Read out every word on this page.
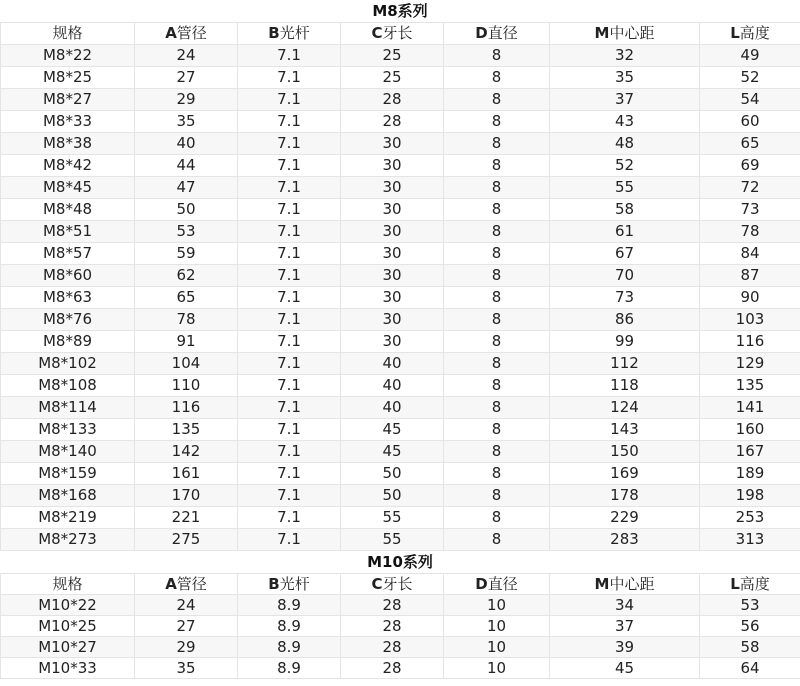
M8系列
规格	A管径	B光杆	C牙长	D直径	M中心距	L高度
M8*22	24	7.1	25	8	32	49
M8*25	27	7.1	25	8	35	52
M8*27	29	7.1	28	8	37	54
M8*33	35	7.1	28	8	43	60
M8*38	40	7.1	30	8	48	65
M8*42	44	7.1	30	8	52	69
M8*45	47	7.1	30	8	55	72
M8*48	50	7.1	30	8	58	73
M8*51	53	7.1	30	8	61	78
M8*57	59	7.1	30	8	67	84
M8*60	62	7.1	30	8	70	87
M8*63	65	7.1	30	8	73	90
M8*76	78	7.1	30	8	86	103
M8*89	91	7.1	30	8	99	116
M8*102	104	7.1	40	8	112	129
M8*108	110	7.1	40	8	118	135
M8*114	116	7.1	40	8	124	141
M8*133	135	7.1	45	8	143	160
M8*140	142	7.1	45	8	150	167
M8*159	161	7.1	50	8	169	189
M8*168	170	7.1	50	8	178	198
M8*219	221	7.1	55	8	229	253
M8*273	275	7.1	55	8	283	313
M10系列
规格	A管径	B光杆	C牙长	D直径	M中心距	L高度
M10*22	24	8.9	28	10	34	53
M10*25	27	8.9	28	10	37	56
M10*27	29	8.9	28	10	39	58
M10*33	35	8.9	28	10	45	64
